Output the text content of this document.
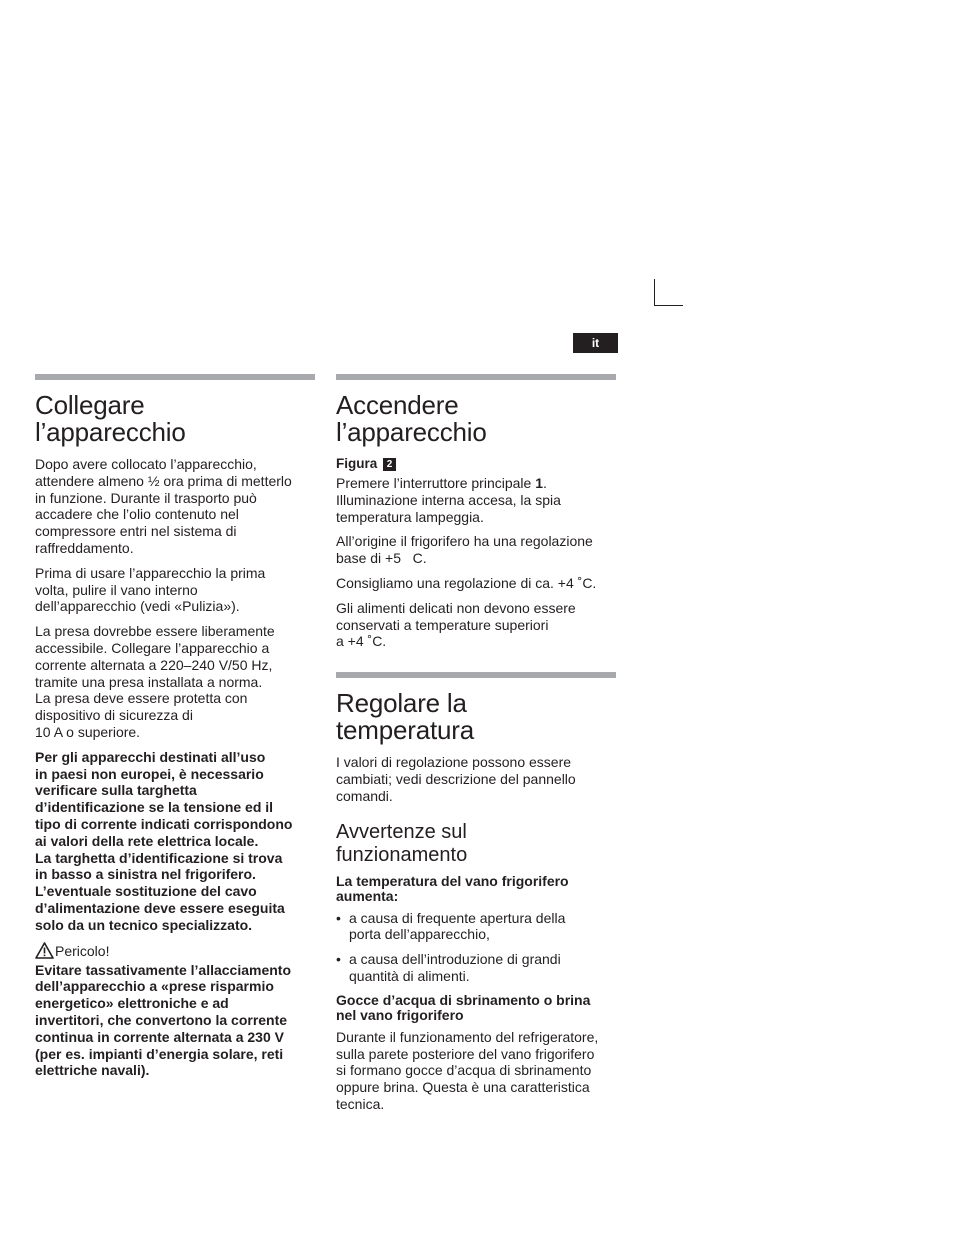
it
Collegare
l’apparecchio

Dopo avere collocato l’apparecchio,
attendere almeno ½ ora prima di metterlo
in funzione. Durante il trasporto può
accadere che l’olio contenuto nel
compressore entri nel sistema di
raffreddamento.

Prima di usare l’apparecchio la prima
volta, pulire il vano interno
dell’apparecchio (vedi «Pulizia»).

La presa dovrebbe essere liberamente
accessibile. Collegare l’apparecchio a
corrente alternata a 220–240 V/50 Hz,
tramite una presa installata a norma.
La presa deve essere protetta con
dispositivo di sicurezza di
10 A o superiore.

Per gli apparecchi destinati all’uso
in paesi non europei, è necessario
verificare sulla targhetta
d’identificazione se la tensione ed il
tipo di corrente indicati corrispondono
ai valori della rete elettrica locale.
La targhetta d’identificazione si trova
in basso a sinistra nel frigorifero.
L’eventuale sostituzione del cavo
d’alimentazione deve essere eseguita
solo da un tecnico specializzato.

Pericolo!

Evitare tassativamente l’allacciamento
dell’apparecchio a «prese risparmio
energetico» elettroniche e ad
invertitori, che convertono la corrente
continua in corrente alternata a 230 V
(per es. impianti d’energia solare, reti
elettriche navali).

Accendere
l’apparecchio
Figura 2

Premere l’interruttore principale 1.
Illuminazione interna accesa, la spia
temperatura lampeggia.

All’origine il frigorifero ha una regolazione
base di +5   C.

Consigliamo una regolazione di ca. +4 ˚C.

Gli alimenti delicati non devono essere
conservati a temperature superiori
a +4 ˚C.

Regolare la
temperatura

I valori di regolazione possono essere
cambiati; vedi descrizione del pannello
comandi.

Avvertenze sul
funzionamento
La temperatura del vano frigorifero
aumenta:
• a causa di frequente apertura della
porta dell’apparecchio,
• a causa dell’introduzione di grandi
quantità di alimenti.
Gocce d’acqua di sbrinamento o brina
nel vano frigorifero

Durante il funzionamento del refrigeratore,
sulla parete posteriore del vano frigorifero
si formano gocce d’acqua di sbrinamento
oppure brina. Questa è una caratteristica
tecnica.
